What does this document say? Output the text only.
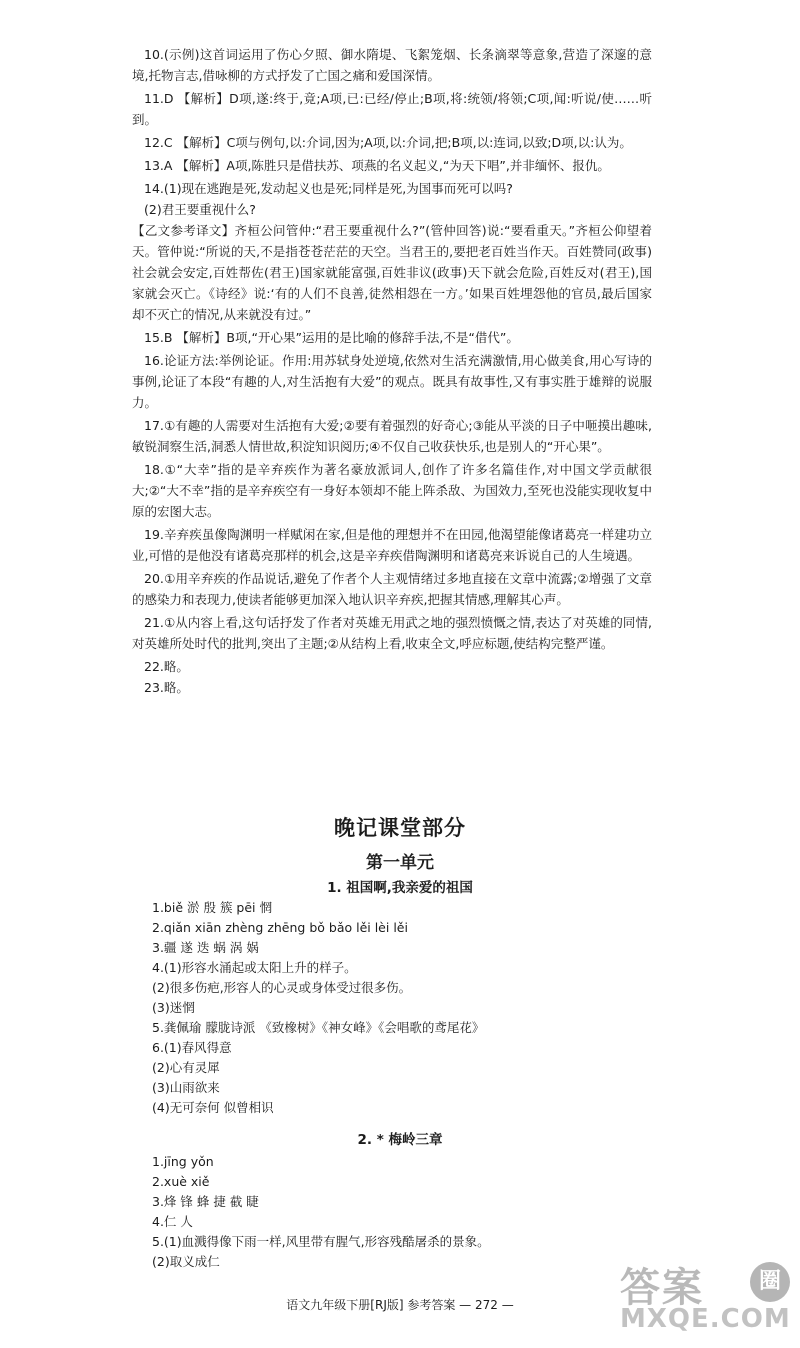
10.(示例)这首词运用了伤心夕照、御水隋堤、飞絮笼烟、长条滴翠等意象,营造了深邃的意境,托物言志,借咏柳的方式抒发了亡国之痛和爱国深情。

11.D 【解析】D项,遂:终于,竟;A项,已:已经/停止;B项,将:统领/将领;C项,闻:听说/使……听到。

12.C 【解析】C项与例句,以:介词,因为;A项,以:介词,把;B项,以:连词,以致;D项,以:认为。

13.A 【解析】A项,陈胜只是借扶苏、项燕的名义起义,“为天下唱”,并非缅怀、报仇。

14.(1)现在逃跑是死,发动起义也是死;同样是死,为国事而死可以吗?

(2)君王要重视什么?

【乙文参考译文】齐桓公问管仲:“君王要重视什么?”(管仲回答)说:“要看重天。”齐桓公仰望着天。管仲说:“所说的天,不是指苍苍茫茫的天空。当君王的,要把老百姓当作天。百姓赞同(政事)社会就会安定,百姓帮佐(君王)国家就能富强,百姓非议(政事)天下就会危险,百姓反对(君王),国家就会灭亡。《诗经》说:‘有的人们不良善,徒然相怨在一方。’如果百姓埋怨他的官员,最后国家却不灭亡的情况,从来就没有过。”

15.B 【解析】B项,“开心果”运用的是比喻的修辞手法,不是“借代”。

16.论证方法:举例论证。作用:用苏轼身处逆境,依然对生活充满激情,用心做美食,用心写诗的事例,论证了本段“有趣的人,对生活抱有大爱”的观点。既具有故事性,又有事实胜于雄辩的说服力。

17.①有趣的人需要对生活抱有大爱;②要有着强烈的好奇心;③能从平淡的日子中咂摸出趣味,敏锐洞察生活,洞悉人情世故,积淀知识阅历;④不仅自己收获快乐,也是别人的“开心果”。

18.①“大幸”指的是辛弃疾作为著名豪放派词人,创作了许多名篇佳作,对中国文学贡献很大;②“大不幸”指的是辛弃疾空有一身好本领却不能上阵杀敌、为国效力,至死也没能实现收复中原的宏图大志。

19.辛弃疾虽像陶渊明一样赋闲在家,但是他的理想并不在田园,他渴望能像诸葛亮一样建功立业,可惜的是他没有诸葛亮那样的机会,这是辛弃疾借陶渊明和诸葛亮来诉说自己的人生境遇。

20.①用辛弃疾的作品说话,避免了作者个人主观情绪过多地直接在文章中流露;②增强了文章的感染力和表现力,使读者能够更加深入地认识辛弃疾,把握其情感,理解其心声。

21.①从内容上看,这句话抒发了作者对英雄无用武之地的强烈愤慨之情,表达了对英雄的同情,对英雄所处时代的批判,突出了主题;②从结构上看,收束全文,呼应标题,使结构完整严谨。

22.略。

23.略。

晚记课堂部分
第一单元
1. 祖国啊,我亲爱的祖国

1.biě 淤 殷 簇 pēi 惘

2.qiǎn xiān zhèng zhēng bǒ bǎo lěi lèi lěi

3.疆 遂 迭 蜗 涡 娲

4.(1)形容水涌起或太阳上升的样子。

(2)很多伤疤,形容人的心灵或身体受过很多伤。

(3)迷惘

5.龚佩瑜 朦胧诗派 《致橡树》《神女峰》《会唱歌的鸢尾花》

6.(1)春风得意

(2)心有灵犀

(3)山雨欲来

(4)无可奈何 似曾相识

2. * 梅岭三章

1.jīng yǒn

2.xuè xiě

3.烽 锋 蜂 捷 截 睫

4.仁 人

5.(1)血溅得像下雨一样,风里带有腥气,形容残酷屠杀的景象。

(2)取义成仁

语文九年级下册[RJ版] 参考答案 — 272 —	答案	圈
MXQE.COM
